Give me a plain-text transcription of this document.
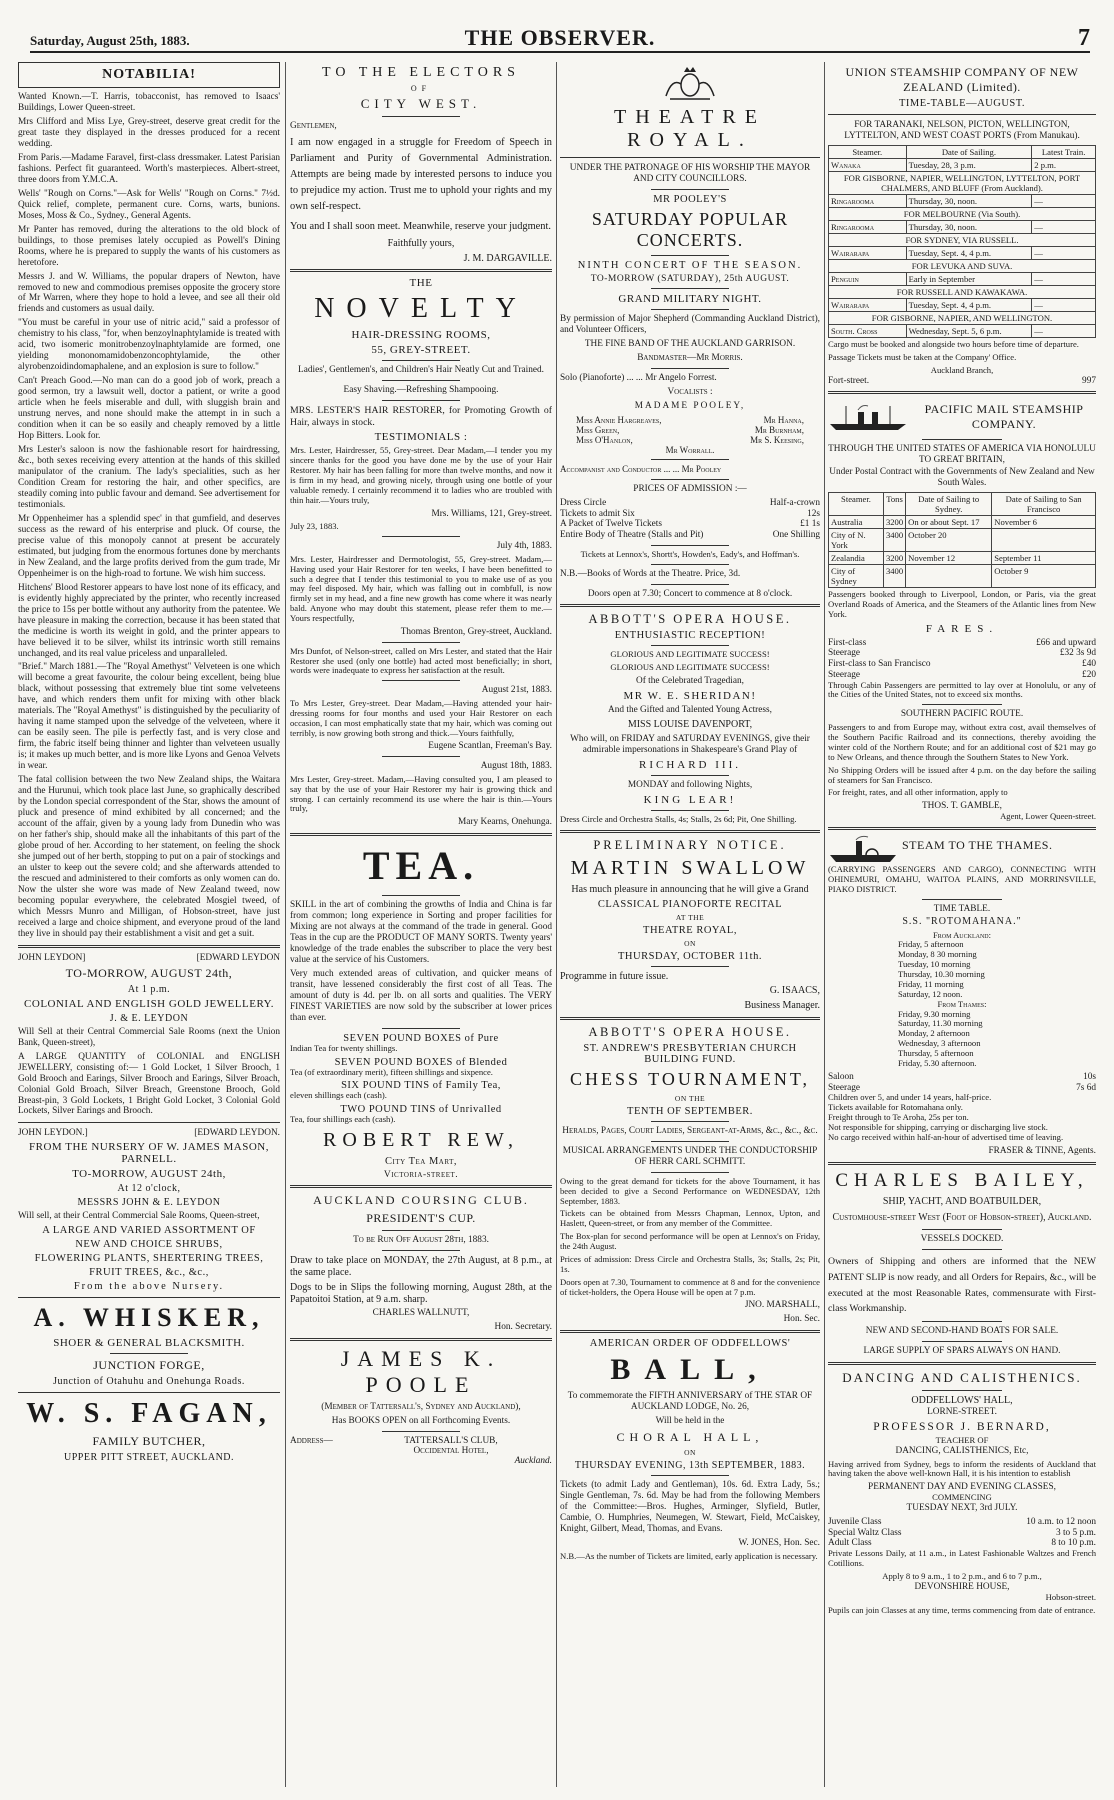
Saturday, August 25th, 1883.	THE OBSERVER.	7
NOTABILIA!

Wanted Known.—T. Harris, tobacconist, has removed to Isaacs' Buildings, Lower Queen-street.

Mrs Clifford and Miss Lye, Grey-street, deserve great credit for the great taste they displayed in the dresses produced for a recent wedding.

From Paris.—Madame Faravel, first-class dressmaker. Latest Parisian fashions. Perfect fit guaranteed. Worth's masterpieces. Albert-street, three doors from Y.M.C.A.

Wells' "Rough on Corns."—Ask for Wells' "Rough on Corns." 7½d. Quick relief, complete, permanent cure. Corns, warts, bunions. Moses, Moss & Co., Sydney., General Agents.

Mr Panter has removed, during the alterations to the old block of buildings, to those premises lately occupied as Powell's Dining Rooms, where he is prepared to supply the wants of his customers as heretofore.

Messrs J. and W. Williams, the popular drapers of Newton, have removed to new and commodious premises opposite the grocery store of Mr Warren, where they hope to hold a levee, and see all their old friends and customers as usual daily.

"You must be careful in your use of nitric acid," said a professor of chemistry to his class, "for, when benzoylnaphtylamide is treated with acid, two isomeric monitrobenzoylnaphtylamide are formed, one yielding mononomamidobenzoncophtylamide, the other alyrobenzoidindomaphalene, and an explosion is sure to follow."

Can't Preach Good.—No man can do a good job of work, preach a good sermon, try a lawsuit well, doctor a patient, or write a good article when he feels miserable and dull, with sluggish brain and unstrung nerves, and none should make the attempt in in such a condition when it can be so easily and cheaply removed by a little Hop Bitters. Look for.

Mrs Lester's saloon is now the fashionable resort for hairdressing, &c., both sexes receiving every attention at the hands of this skilled manipulator of the cranium. The lady's specialities, such as her Condition Cream for restoring the hair, and other specifics, are steadily coming into public favour and demand. See advertisement for testimonials.

Mr Oppenheimer has a splendid spec' in that gumfield, and deserves success as the reward of his enterprise and pluck. Of course, the precise value of this monopoly cannot at present be accurately estimated, but judging from the enormous fortunes done by merchants in New Zealand, and the large profits derived from the gum trade, Mr Oppenheimer is on the high-road to fortune. We wish him success.

Hitchens' Blood Restorer appears to have lost none of its efficacy, and is evidently highly appreciated by the printer, who recently increased the price to 15s per bottle without any authority from the patentee. We have pleasure in making the correction, because it has been stated that the medicine is worth its weight in gold, and the printer appears to have believed it to be silver, whilst its intrinsic worth still remains unchanged, and its real value priceless and unparalleled.

"Brief." March 1881.—The "Royal Amethyst" Velveteen is one which will become a great favourite, the colour being excellent, being blue black, without possessing that extremely blue tint some velveteens have, and which renders them unfit for mixing with other black materials. The "Royal Amethyst" is distinguished by the peculiarity of having it name stamped upon the selvedge of the velveteen, where it can be easily seen. The pile is perfectly fast, and is very close and firm, the fabric itself being thinner and lighter than velveteen usually is; it makes up much better, and is more like Lyons and Genoa Velvets in wear.

The fatal collision between the two New Zealand ships, the Waitara and the Hurunui, which took place last June, so graphically described by the London special correspondent of the Star, shows the amount of pluck and presence of mind exhibited by all concerned; and the account of the affair, given by a young lady from Dunedin who was on her father's ship, should make all the inhabitants of this part of the globe proud of her. According to her statement, on feeling the shock she jumped out of her berth, stopping to put on a pair of stockings and an ulster to keep out the severe cold; and she afterwards attended to the rescued and administered to their comforts as only women can do. Now the ulster she wore was made of New Zealand tweed, now becoming popular everywhere, the celebrated Mosgiel tweed, of which Messrs Munro and Milligan, of Hobson-street, have just received a large and choice shipment, and everyone proud of the land they live in should pay their establishment a visit and get a suit.

JOHN LEYDON]	[EDWARD LEYDON
TO-MORROW, AUGUST 24th,
At 1 p.m.
COLONIAL AND ENGLISH GOLD JEWELLERY.
J. & E. LEYDON

Will Sell at their Central Commercial Sale Rooms (next the Union Bank, Queen-street),

A LARGE QUANTITY of COLONIAL and ENGLISH JEWELLERY, consisting of:— 1 Gold Locket, 1 Silver Brooch, 1 Gold Brooch and Earings, Silver Brooch and Earings, Silver Broach, Colonial Gold Broach, Silver Breach, Greenstone Brooch, Gold Breast-pin, 3 Gold Lockets, 1 Bright Gold Locket, 3 Colonial Gold Lockets, Silver Earings and Brooch.

JOHN LEYDON.]	[EDWARD LEYDON.
FROM THE NURSERY OF W. JAMES MASON, PARNELL.
TO-MORROW, AUGUST 24th,
At 12 o'clock,
MESSRS JOHN & E. LEYDON

Will sell, at their Central Commercial Sale Rooms, Queen-street,

A LARGE AND VARIED ASSORTMENT OF
NEW AND CHOICE SHRUBS,
FLOWERING PLANTS, SHERTERING TREES,
FRUIT TREES, &c., &c.,
From the above Nursery.
A. WHISKER,
SHOER & GENERAL BLACKSMITH.
JUNCTION FORGE,
Junction of Otahuhu and Onehunga Roads.
W. S. FAGAN,
FAMILY BUTCHER,
UPPER PITT STREET, AUCKLAND.
TO THE ELECTORS
OF
CITY WEST.

Gentlemen,

I am now engaged in a struggle for Freedom of Speech in Parliament and Purity of Governmental Administration. Attempts are being made by interested persons to induce you to prejudice my action. Trust me to uphold your rights and my own self-respect.

You and I shall soon meet. Meanwhile, reserve your judgment.

Faithfully yours,

J. M. DARGAVILLE.

THE
NOVELTY
HAIR-DRESSING ROOMS,
55, GREY-STREET.

Ladies', Gentlemen's, and Children's Hair Neatly Cut and Trained.

Easy Shaving.—Refreshing Shampooing.

MRS. LESTER'S HAIR RESTORER, for Promoting Growth of Hair, always in stock.

TESTIMONIALS :

Mrs. Lester, Hairdresser, 55, Grey-street. Dear Madam,—I tender you my sincere thanks for the good you have done me by the use of your Hair Restorer. My hair has been falling for more than twelve months, and now it is firm in my head, and growing nicely, through using one bottle of your valuable remedy. I certainly recommend it to ladies who are troubled with thin hair.—Yours truly,

Mrs. Williams, 121, Grey-street.

July 23, 1883.

July 4th, 1883.

Mrs. Lester, Hairdresser and Dermotologist, 55, Grey-street. Madam,—Having used your Hair Restorer for ten weeks, I have been benefitted to such a degree that I tender this testimonial to you to make use of as you may feel disposed. My hair, which was falling out in combfull, is now firmly set in my head, and a fine new growth has come where it was nearly bald. Anyone who may doubt this statement, please refer them to me.—Yours respectfully,

Thomas Brenton, Grey-street, Auckland.

Mrs Dunfot, of Nelson-street, called on Mrs Lester, and stated that the Hair Restorer she used (only one bottle) had acted most beneficially; in short, words were inadequate to express her satisfaction at the result.

August 21st, 1883.

To Mrs Lester, Grey-street. Dear Madam,—Having attended your hair-dressing rooms for four months and used your Hair Restorer on each occasion, I can most emphatically state that my hair, which was coming out terribly, is now growing both strong and thick.—Yours faithfully,

Eugene Scantlan, Freeman's Bay.
August 18th, 1883.

Mrs Lester, Grey-street. Madam,—Having consulted you, I am pleased to say that by the use of your Hair Restorer my hair is growing thick and strong. I can certainly recommend its use where the hair is thin.—Yours truly,

Mary Kearns, Onehunga.
TEA.

SKILL in the art of combining the growths of India and China is far from common; long experience in Sorting and proper facilities for Mixing are not always at the command of the trade in general. Good Teas in the cup are the PRODUCT OF MANY SORTS. Twenty years' knowledge of the trade enables the subscriber to place the very best value at the service of his Customers.

Very much extended areas of cultivation, and quicker means of transit, have lessened considerably the first cost of all Teas. The amount of duty is 4d. per lb. on all sorts and qualities. The VERY FINEST VARIETIES are now sold by the subscriber at lower prices than ever.

SEVEN POUND BOXES of Pure

Indian Tea for twenty shillings.

SEVEN POUND BOXES of Blended

Tea (of extraordinary merit), fifteen shillings and sixpence.

SIX POUND TINS of Family Tea,

eleven shillings each (cash).

TWO POUND TINS of Unrivalled

Tea, four shillings each (cash).

ROBERT REW,
City Tea Mart,
Victoria-street.
AUCKLAND COURSING CLUB.
PRESIDENT'S CUP.

To be Run Off August 28th, 1883.

Draw to take place on MONDAY, the 27th August, at 8 p.m., at the same place.

Dogs to be in Slips the following morning, August 28th, at the Papatoitoi Station, at 9 a.m. sharp.

CHARLES WALLNUTT,

Hon. Secretary.

JAMES K. POOLE

(Member of Tattersall's, Sydney and Auckland),

Has BOOKS OPEN on all Forthcoming Events.

Address—	TATTERSALL'S CLUB,
Occidental Hotel,
Auckland.
THEATRE ROYAL.

UNDER THE PATRONAGE OF HIS WORSHIP THE MAYOR AND CITY COUNCILLORS.

MR POOLEY'S
SATURDAY POPULAR CONCERTS.
NINTH CONCERT OF THE SEASON.
TO-MORROW (SATURDAY), 25th AUGUST.
GRAND MILITARY NIGHT.

By permission of Major Shepherd (Commanding Auckland District), and Volunteer Officers,

THE FINE BAND OF THE AUCKLAND GARRISON.

Bandmaster—Mr Morris.

Solo (Pianoforte) ... ... Mr Angelo Forrest.

Vocalists :

MADAME POOLEY,

Miss Annie Hargreaves,	Mr Hanna,
Miss Green,	Mr Burnham,
Miss O'Hanlon,	Mr S. Keesing,

Mr Worrall.

Accompanist and Conductor ... ... Mr Pooley

PRICES OF ADMISSION :—

Dress Circle	Half-a-crown
Tickets to admit Six	12s
A Packet of Twelve Tickets	£1 1s
Entire Body of Theatre (Stalls and Pit)	One Shilling

Tickets at Lennox's, Shortt's, Howden's, Eady's, and Hoffman's.

N.B.—Books of Words at the Theatre. Price, 3d.

Doors open at 7.30; Concert to commence at 8 o'clock.

ABBOTT'S OPERA HOUSE.
ENTHUSIASTIC RECEPTION!

GLORIOUS AND LEGITIMATE SUCCESS!

GLORIOUS AND LEGITIMATE SUCCESS!

Of the Celebrated Tragedian,

MR W. E. SHERIDAN!

And the Gifted and Talented Young Actress,

MISS LOUISE DAVENPORT,

Who will, on FRIDAY and SATURDAY EVENINGS, give their admirable impersonations in Shakespeare's Grand Play of

RICHARD III.

MONDAY and following Nights,

KING LEAR!

Dress Circle and Orchestra Stalls, 4s; Stalls, 2s 6d; Pit, One Shilling.

PRELIMINARY NOTICE.
MARTIN SWALLOW

Has much pleasure in announcing that he will give a Grand

CLASSICAL PIANOFORTE RECITAL
AT THE
THEATRE ROYAL,
ON
THURSDAY, OCTOBER 11th.

Programme in future issue.

G. ISAACS,

Business Manager.

ABBOTT'S OPERA HOUSE.
ST. ANDREW'S PRESBYTERIAN CHURCH BUILDING FUND.
CHESS TOURNAMENT,
ON THE
TENTH OF SEPTEMBER.

Heralds, Pages, Court Ladies, Sergeant-at-Arms, &c., &c., &c.

MUSICAL ARRANGEMENTS UNDER THE CONDUCTORSHIP OF HERR CARL SCHMITT.

Owing to the great demand for tickets for the above Tournament, it has been decided to give a Second Performance on WEDNESDAY, 12th September, 1883.

Tickets can be obtained from Messrs Chapman, Lennox, Upton, and Haslett, Queen-street, or from any member of the Committee.

The Box-plan for second performance will be open at Lennox's on Friday, the 24th August.

Prices of admission: Dress Circle and Orchestra Stalls, 3s; Stalls, 2s; Pit, 1s.

Doors open at 7.30, Tournament to commence at 8 and for the convenience of ticket-holders, the Opera House will be open at 7 p.m.

JNO. MARSHALL,

Hon. Sec.

AMERICAN ORDER OF ODDFELLOWS'
BALL,

To commemorate the FIFTH ANNIVERSARY of THE STAR OF AUCKLAND LODGE, No. 26,

Will be held in the

CHORAL HALL,
ON
THURSDAY EVENING, 13th SEPTEMBER, 1883.

Tickets (to admit Lady and Gentleman), 10s. 6d. Extra Lady, 5s.; Single Gentleman, 7s. 6d. May be had from the following Members of the Committee:—Bros. Hughes, Arminger, Slyfield, Butler, Cambie, O. Humphries, Neumegen, W. Stewart, Field, McCaiskey, Knight, Gilbert, Mead, Thomas, and Evans.

W. JONES, Hon. Sec.

N.B.—As the number of Tickets are limited, early application is necessary.

UNION STEAMSHIP COMPANY OF NEW ZEALAND (Limited).
TIME-TABLE—AUGUST.

FOR TARANAKI, NELSON, PICTON, WELLINGTON, LYTTELTON, AND WEST COAST PORTS (From Manukau).

Steamer.	Date of Sailing.	Latest Train.
Wanaka	Tuesday, 28, 3 p.m.	2 p.m.
FOR GISBORNE, NAPIER, WELLINGTON, LYTTELTON, PORT CHALMERS, AND BLUFF (From Auckland).		
Ringarooma	Thursday, 30, noon.	—
FOR MELBOURNE (Via South).		
Ringarooma	Thursday, 30, noon.	—
FOR SYDNEY, VIA RUSSELL.		
Wairarapa	Tuesday, Sept. 4, 4 p.m.	—
FOR LEVUKA AND SUVA.		
Penguin	Early in September	—
FOR RUSSELL AND KAWAKAWA.		
Wairarapa	Tuesday, Sept. 4, 4 p.m.	—
FOR GISBORNE, NAPIER, AND WELLINGTON.		
South. Cross	Wednesday, Sept. 5, 6 p.m.	—

Cargo must be booked and alongside two hours before time of departure.

Passage Tickets must be taken at the Company' Office.

Auckland Branch,

Fort-street.	997
PACIFIC MAIL STEAMSHIP COMPANY.

THROUGH THE UNITED STATES OF AMERICA VIA HONOLULU TO GREAT BRITAIN,

Under Postal Contract with the Governments of New Zealand and New South Wales.

Steamer.	Tons	Date of Sailing to Sydney.	Date of Sailing to San Francisco
Australia	3200	On or about Sept. 17	November 6
City of N. York	3400	October 20	
Zealandia	3200	November 12	September 11
City of Sydney	3400		October 9

Passengers booked through to Liverpool, London, or Paris, via the great Overland Roads of America, and the Steamers of the Atlantic lines from New York.

FARES.
First-class	£66 and upward
Steerage	£32 3s 9d
First-class to San Francisco	£40
Steerage	£20

Through Cabin Passengers are permitted to lay over at Honolulu, or any of the Cities of the United States, not to exceed six months.

SOUTHERN PACIFIC ROUTE.

Passengers to and from Europe may, without extra cost, avail themselves of the Southern Pacific Railroad and its connections, thereby avoiding the winter cold of the Northern Route; and for an additional cost of $21 may go to New Orleans, and thence through the Southern States to New York.

No Shipping Orders will be issued after 4 p.m. on the day before the sailing of steamers for San Francisco.

For freight, rates, and all other information, apply to

THOS. T. GAMBLE,

Agent, Lower Queen-street.

STEAM TO THE THAMES.

(CARRYING PASSENGERS AND CARGO), CONNECTING WITH OHINEMURI, OMAHU, WAITOA PLAINS, AND MORRINSVILLE, PIAKO DISTRICT.

TIME TABLE.

S.S. "ROTOMAHANA."

From Auckland:

Friday, 5 afternoon
Monday, 8 30 morning
Tuesday, 10 morning
Thursday, 10.30 morning
Friday, 11 morning
Saturday, 12 noon.

From Thames:

Friday, 9.30 morning
Saturday, 11.30 morning
Monday, 2 afternoon
Wednesday, 3 afternoon
Thursday, 5 afternoon
Friday, 5.30 afternoon.
Saloon	10s
Steerage	7s 6d

Children over 5, and under 14 years, half-price.

Tickets available for Rotomahana only.

Freight through to Te Aroha, 25s per ton.

Not responsible for shipping, carrying or discharging live stock.

No cargo received within half-an-hour of advertised time of leaving.

FRASER & TINNE, Agents.

CHARLES BAILEY,

SHIP, YACHT, AND BOATBUILDER,

Customhouse-street West (Foot of Hobson-street), Auckland.

VESSELS DOCKED.

Owners of Shipping and others are informed that the NEW PATENT SLIP is now ready, and all Orders for Repairs, &c., will be executed at the most Reasonable Rates, commensurate with First-class Workmanship.

NEW AND SECOND-HAND BOATS FOR SALE.

LARGE SUPPLY OF SPARS ALWAYS ON HAND.

DANCING AND CALISTHENICS.

ODDFELLOWS' HALL,

LORNE-STREET.

PROFESSOR J. BERNARD,

TEACHER OF

DANCING, CALISTHENICS, Etc,

Having arrived from Sydney, begs to inform the residents of Auckland that having taken the above well-known Hall, it is his intention to establish

PERMANENT DAY AND EVENING CLASSES,

COMMENCING

TUESDAY NEXT, 3rd JULY.

Juvenile Class	10 a.m. to 12 noon
Special Waltz Class	3 to 5 p.m.
Adult Class	8 to 10 p.m.

Private Lessons Daily, at 11 a.m., in Latest Fashionable Waltzes and French Cotillions.

Apply 8 to 9 a.m., 1 to 2 p.m., and 6 to 7 p.m.,

DEVONSHIRE HOUSE,

Hobson-street.

Pupils can join Classes at any time, terms commencing from date of entrance.
